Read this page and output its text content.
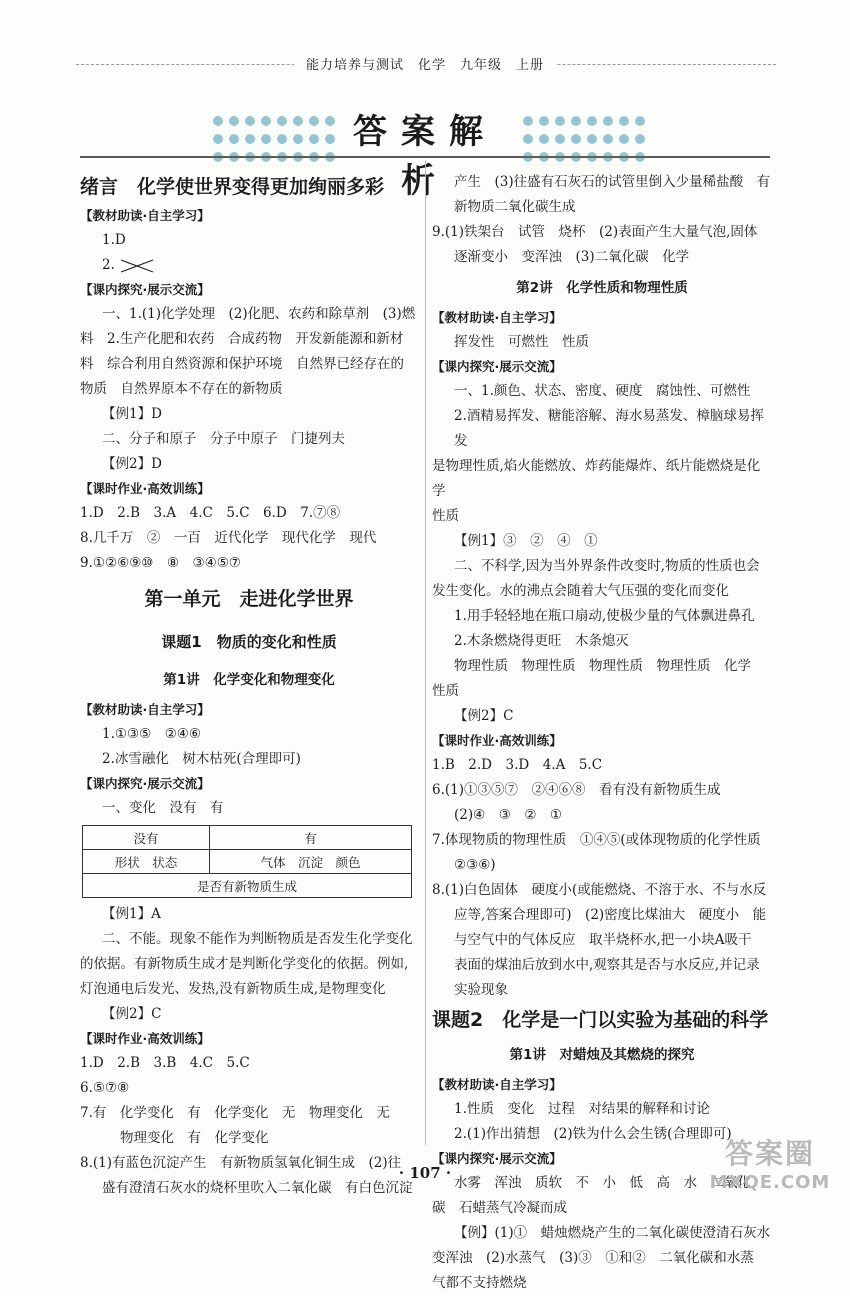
能力培养与测试　化学　九年级　上册
答案解析
绪言　化学使世界变得更加绚丽多彩
【教材助读·自主学习】
1.D
2.
【课内探究·展示交流】
一、1.(1)化学处理　(2)化肥、农药和除草剂　(3)燃
料　2.生产化肥和农药　合成药物　开发新能源和新材
料　综合利用自然资源和保护环境　自然界已经存在的
物质　自然界原本不存在的新物质
【例1】D
二、分子和原子　分子中原子　门捷列夫
【例2】D
【课时作业·高效训练】
1.D　2.B　3.A　4.C　5.C　6.D　7.⑦⑧
8.几千万　②　一百　近代化学　现代化学　现代
9.①②⑥⑨⑩　⑧　③④⑤⑦
第一单元　走进化学世界
课题1　物质的变化和性质
第1讲　化学变化和物理变化
【教材助读·自主学习】
1.①③⑤　②④⑥
2.冰雪融化　树木枯死(合理即可)
【课内探究·展示交流】
一、变化　没有　有
没有	有
形状　状态	气体　沉淀　颜色
是否有新物质生成	
【例1】A
二、不能。现象不能作为判断物质是否发生化学变化
的依据。有新物质生成才是判断化学变化的依据。例如,
灯泡通电后发光、发热,没有新物质生成,是物理变化
【例2】C
【课时作业·高效训练】
1.D　2.B　3.B　4.C　5.C
6.⑤⑦⑧
7.有　化学变化　有　化学变化　无　物理变化　无
物理变化　有　化学变化
8.(1)有蓝色沉淀产生　有新物质氢氧化铜生成　(2)往
盛有澄清石灰水的烧杯里吹入二氧化碳　有白色沉淀
产生　(3)往盛有石灰石的试管里倒入少量稀盐酸　有
新物质二氧化碳生成
9.(1)铁架台　试管　烧杯　(2)表面产生大量气泡,固体
逐渐变小　变浑浊　(3)二氧化碳　化学
第2讲　化学性质和物理性质
【教材助读·自主学习】
挥发性　可燃性　性质
【课内探究·展示交流】
一、1.颜色、状态、密度、硬度　腐蚀性、可燃性
2.酒精易挥发、糖能溶解、海水易蒸发、樟脑球易挥发
是物理性质,焰火能燃放、炸药能爆炸、纸片能燃烧是化学
性质
【例1】③　②　④　①
二、不科学,因为当外界条件改变时,物质的性质也会
发生变化。水的沸点会随着大气压强的变化而变化
1.用手轻轻地在瓶口扇动,使极少量的气体飘进鼻孔
2.木条燃烧得更旺　木条熄灭
物理性质　物理性质　物理性质　物理性质　化学
性质
【例2】C
【课时作业·高效训练】
1.B　2.D　3.D　4.A　5.C
6.(1)①③⑤⑦　②④⑥⑧　看有没有新物质生成
(2)④　③　②　①
7.体现物质的物理性质　①④⑤(或体现物质的化学性质
②③⑥)
8.(1)白色固体　硬度小(或能燃烧、不溶于水、不与水反
应等,答案合理即可)　(2)密度比煤油大　硬度小　能
与空气中的气体反应　取半烧杯水,把一小块A吸干
表面的煤油后放到水中,观察其是否与水反应,并记录
实验现象
课题2　化学是一门以实验为基础的科学
第1讲　对蜡烛及其燃烧的探究
【教材助读·自主学习】
1.性质　变化　过程　对结果的解释和讨论
2.(1)作出猜想　(2)铁为什么会生锈(合理即可)
【课内探究·展示交流】
水雾　浑浊　质软　不　小　低　高　水　二氧化
碳　石蜡蒸气冷凝而成
【例】(1)①　蜡烛燃烧产生的二氧化碳使澄清石灰水
变浑浊　(2)水蒸气　(3)③　①和②　二氧化碳和水蒸
气都不支持燃烧
· 107 ·
答案圈
MXQE.COM
